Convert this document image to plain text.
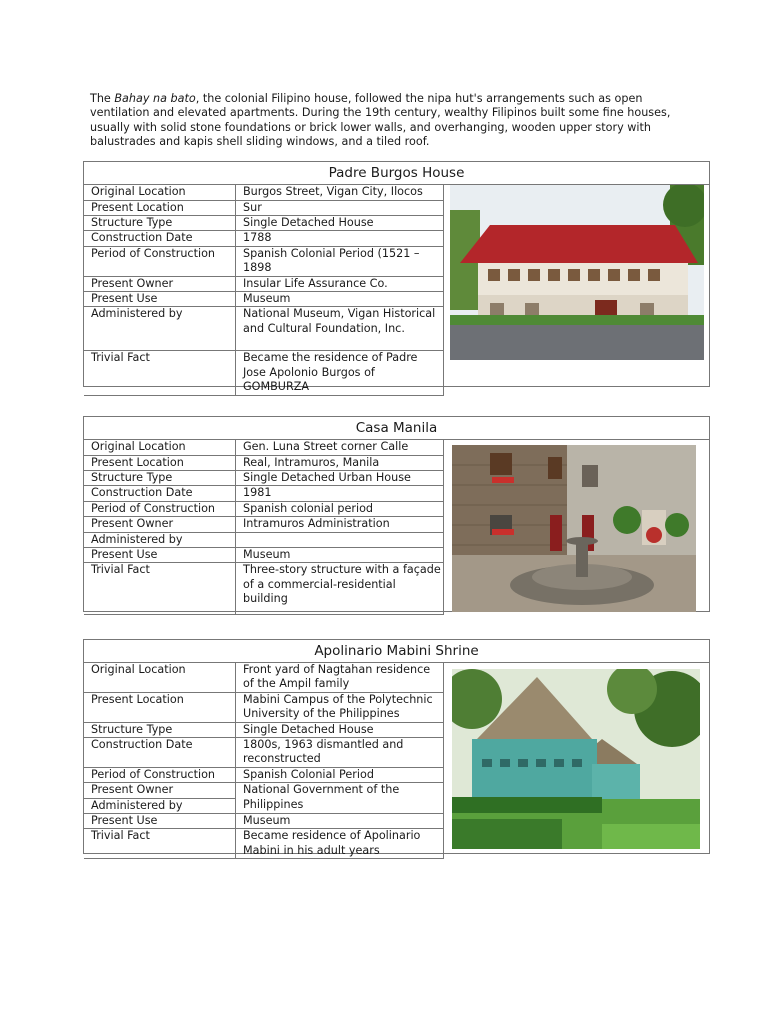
The Bahay na bato, the colonial Filipino house, followed the nipa hut's arrangements such as open ventilation and elevated apartments. During the 19th century, wealthy Filipinos built some fine houses, usually with solid stone foundations or brick lower walls, and overhanging, wooden upper story with balustrades and kapis shell sliding windows, and a tiled roof.
Padre Burgos House
Original Location	Burgos Street, Vigan City, Ilocos
Present Location	Sur
Structure Type	Single Detached House
Construction Date	1788
Period of Construction	Spanish Colonial Period (1521 – 1898
Present Owner	Insular Life Assurance Co.
Present Use	Museum
Administered by	National Museum, Vigan Historical and Cultural Foundation, Inc.
Trivial Fact	Became the residence of Padre Jose Apolonio Burgos of GOMBURZA
Casa Manila
Original Location	Gen. Luna Street corner Calle
Present Location	Real, Intramuros, Manila
Structure Type	Single Detached Urban House
Construction Date	1981
Period of Construction	Spanish colonial period
Present Owner	Intramuros Administration
Administered by	
Present Use	Museum
Trivial Fact	Three-story structure with a façade of a commercial-residential building
Apolinario Mabini Shrine
Original Location	Front yard of Nagtahan residence of the Ampil family
Present Location	Mabini Campus of the Polytechnic University of the Philippines
Structure Type	Single Detached House
Construction Date	1800s, 1963 dismantled and reconstructed
Period of Construction	Spanish Colonial Period
Present Owner	National Government of the Philippines
Administered by	
Present Use	Museum
Trivial Fact	Became residence of Apolinario Mabini in his adult years
